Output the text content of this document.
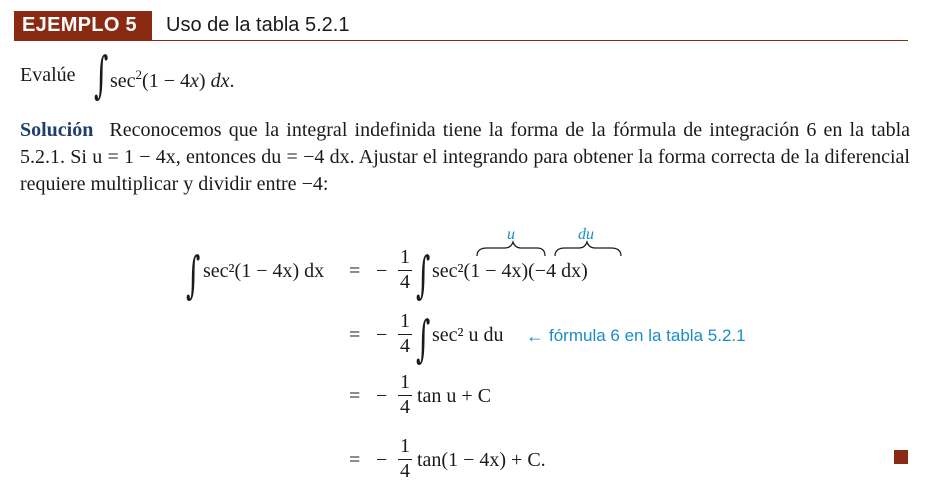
EJEMPLO 5	Uso de la tabla 5.2.1
Evalúe ∫ $\sec^2(1 - 4x)$ dx.
Solución Reconocemos que la integral indefinida tiene la forma de la fórmula de integración 6 en la tabla 5.2.1. Si u = 1 − 4x, entonces du = −4 dx. Ajustar el integrando para obtener la forma correcta de la diferencial requiere multiplicar y dividir entre −4:
∫ sec²(1 − 4x) dx = −
1
4 ∫ sec²(1 − 4x)(−4 dx)
u	du
= −
1
4 ∫ sec² u du ← fórmula 6 en la tabla 5.2.1
= −
1
4 tan u + C
= −
1
4 tan(1 − 4x) + C.
